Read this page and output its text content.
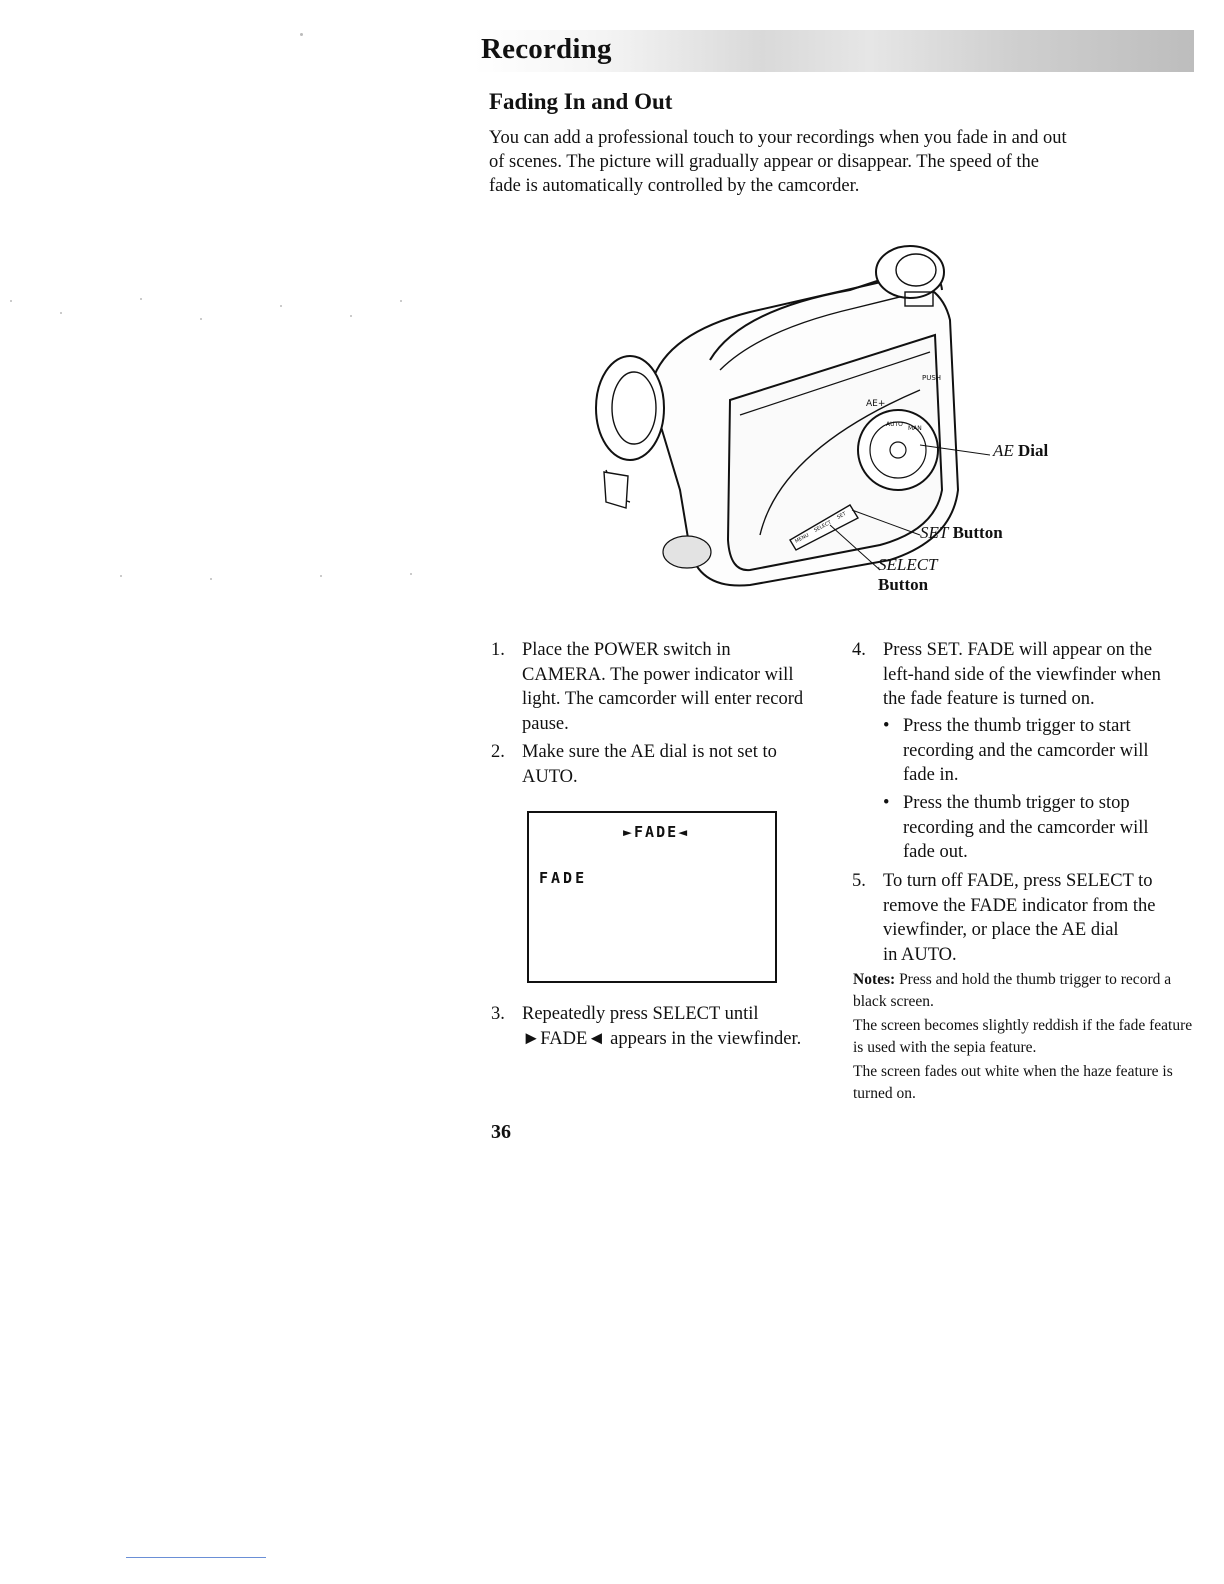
Recording
Fading In and Out
You can add a professional touch to your recordings when you fade in and out
of scenes. The picture will gradually appear or disappear. The speed of the
fade is automatically controlled by the camcorder.
AE+
AUTO
MAN
PUSH
MENU
SELECT
SET
AE Dial
SET Button
SELECT
Button
1. Place the POWER switch in
CAMERA. The power indicator will
light. The camcorder will enter record
pause.
2. Make sure the AE dial is not set to
AUTO.
3. Repeatedly press SELECT until
►FADE◄ appears in the viewfinder.
►FADE◄
FADE
4. Press SET. FADE will appear on the
left-hand side of the viewfinder when
the fade feature is turned on.
• Press the thumb trigger to start
recording and the camcorder will
fade in.
• Press the thumb trigger to stop
recording and the camcorder will
fade out.
5. To turn off FADE, press SELECT to
remove the FADE indicator from the
viewfinder, or place the AE dial
in AUTO.

Notes: Press and hold the thumb trigger to record a black screen.

The screen becomes slightly reddish if the fade feature is used with the sepia feature.

The screen fades out white when the haze feature is turned on.

36
